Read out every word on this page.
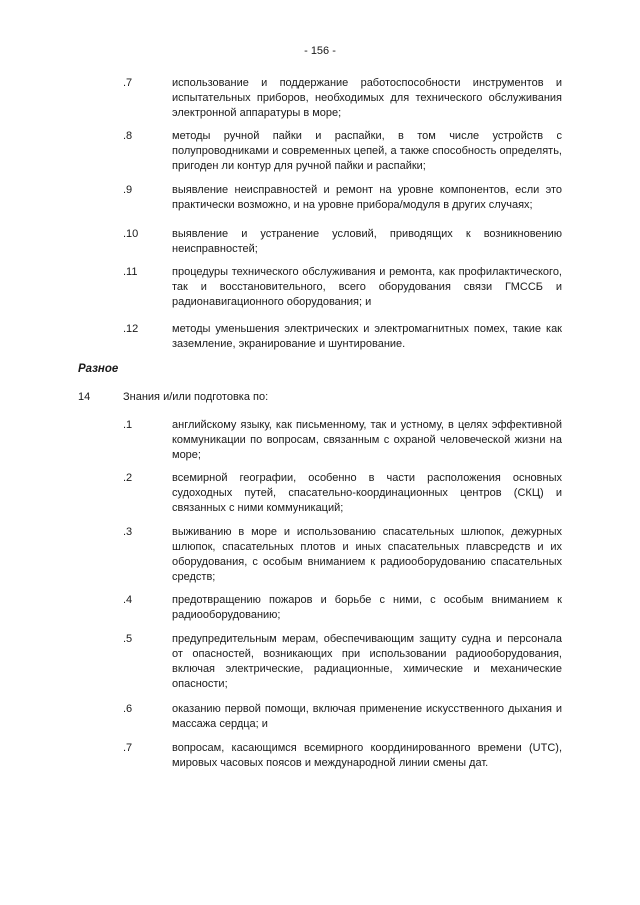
- 156 -
.7	использование и поддержание работоспособности инструментов и испытательных приборов, необходимых для технического обслуживания электронной аппаратуры в море;
.8	методы ручной пайки и распайки, в том числе устройств с полупроводниками и современных цепей, а также способность определять, пригоден ли контур для ручной пайки и распайки;
.9	выявление неисправностей и ремонт на уровне компонентов, если это практически возможно, и на уровне прибора/модуля в других случаях;
.10	выявление и устранение условий, приводящих к возникновению неисправностей;
.11	процедуры технического обслуживания и ремонта, как профилактического, так и восстановительного, всего оборудования связи ГМССБ и радионавигационного оборудования; и
.12	методы уменьшения электрических и электромагнитных помех, такие как заземление, экранирование и шунтирование.
Разное
14	Знания и/или подготовка по:
.1	английскому языку, как письменному, так и устному, в целях эффективной коммуникации по вопросам, связанным с охраной человеческой жизни на море;
.2	всемирной географии, особенно в части расположения основных судоходных путей, спасательно-координационных центров (СКЦ) и связанных с ними коммуникаций;
.3	выживанию в море и использованию спасательных шлюпок, дежурных шлюпок, спасательных плотов и иных спасательных плавсредств и их оборудования, с особым вниманием к радиооборудованию спасательных средств;
.4	предотвращению пожаров и борьбе с ними, с особым вниманием к радиооборудованию;
.5	предупредительным мерам, обеспечивающим защиту судна и персонала от опасностей, возникающих при использовании радиооборудования, включая электрические, радиационные, химические и механические опасности;
.6	оказанию первой помощи, включая применение искусственного дыхания и массажа сердца; и
.7	вопросам, касающимся всемирного координированного времени (UTC), мировых часовых поясов и международной линии смены дат.
